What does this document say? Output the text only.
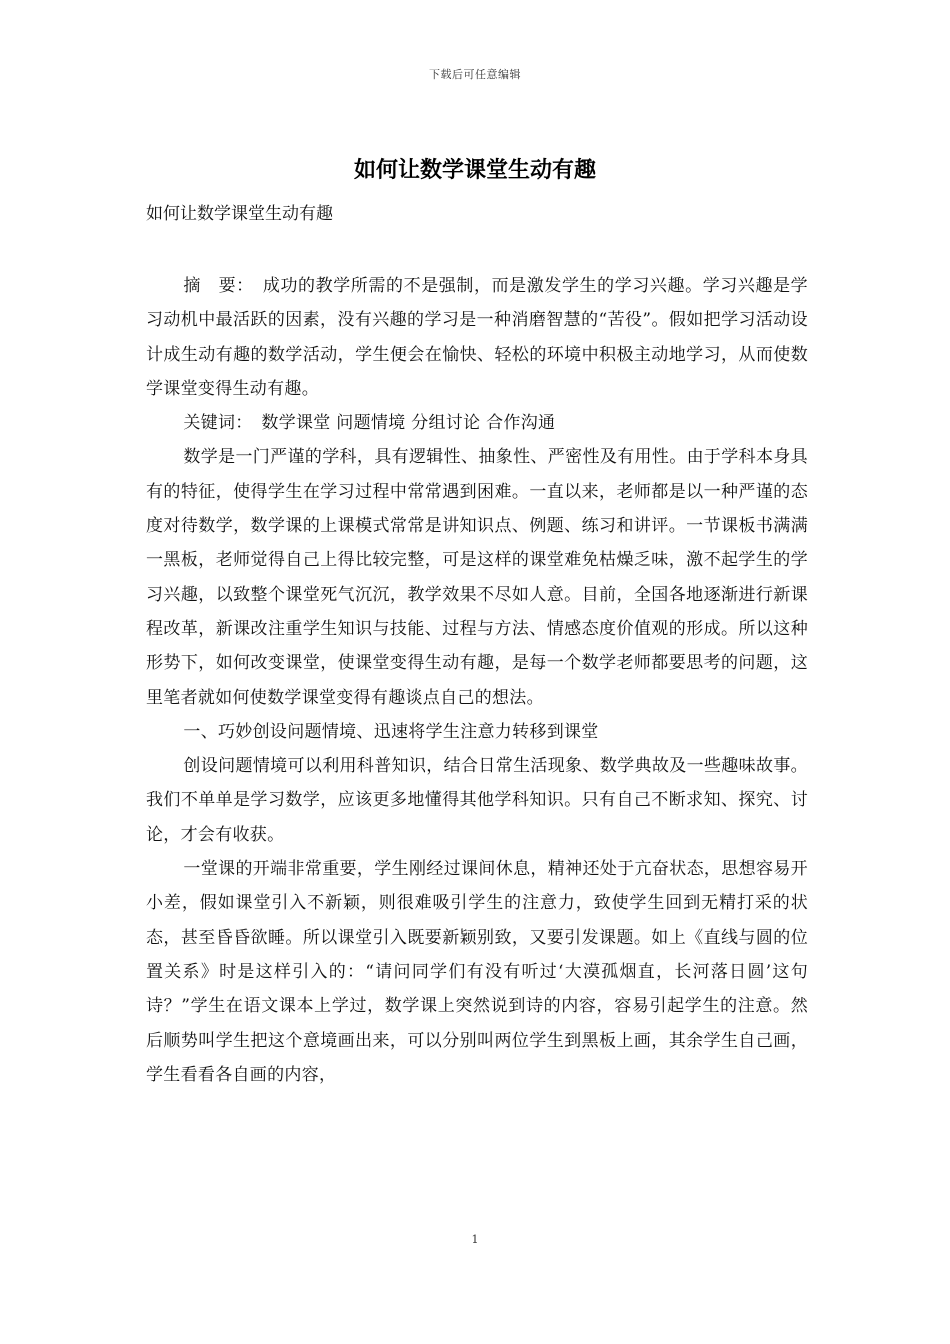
下载后可任意编辑
如何让数学课堂生动有趣
如何让数学课堂生动有趣

摘　要：　成功的教学所需的不是强制，而是激发学生的学习兴趣。学习兴趣是学习动机中最活跃的因素，没有兴趣的学习是一种消磨智慧的“苦役”。假如把学习活动设计成生动有趣的数学活动，学生便会在愉快、轻松的环境中积极主动地学习，从而使数学课堂变得生动有趣。

关键词：　数学课堂 问题情境 分组讨论 合作沟通

数学是一门严谨的学科，具有逻辑性、抽象性、严密性及有用性。由于学科本身具有的特征，使得学生在学习过程中常常遇到困难。一直以来，老师都是以一种严谨的态度对待数学，数学课的上课模式常常是讲知识点、例题、练习和讲评。一节课板书满满一黑板，老师觉得自己上得比较完整，可是这样的课堂难免枯燥乏味，激不起学生的学习兴趣，以致整个课堂死气沉沉，教学效果不尽如人意。目前，全国各地逐渐进行新课程改革，新课改注重学生知识与技能、过程与方法、情感态度价值观的形成。所以这种形势下，如何改变课堂，使课堂变得生动有趣，是每一个数学老师都要思考的问题，这里笔者就如何使数学课堂变得有趣谈点自己的想法。

一、巧妙创设问题情境、迅速将学生注意力转移到课堂

创设问题情境可以利用科普知识，结合日常生活现象、数学典故及一些趣味故事。我们不单单是学习数学，应该更多地懂得其他学科知识。只有自己不断求知、探究、讨论，才会有收获。

一堂课的开端非常重要，学生刚经过课间休息，精神还处于亢奋状态，思想容易开小差，假如课堂引入不新颖，则很难吸引学生的注意力，致使学生回到无精打采的状态，甚至昏昏欲睡。所以课堂引入既要新颖别致，又要引发课题。如上《直线与圆的位置关系》时是这样引入的：“请问同学们有没有听过‘大漠孤烟直，长河落日圆’这句诗？”学生在语文课本上学过，数学课上突然说到诗的内容，容易引起学生的注意。然后顺势叫学生把这个意境画出来，可以分别叫两位学生到黑板上画，其余学生自己画，学生看看各自画的内容，

1
